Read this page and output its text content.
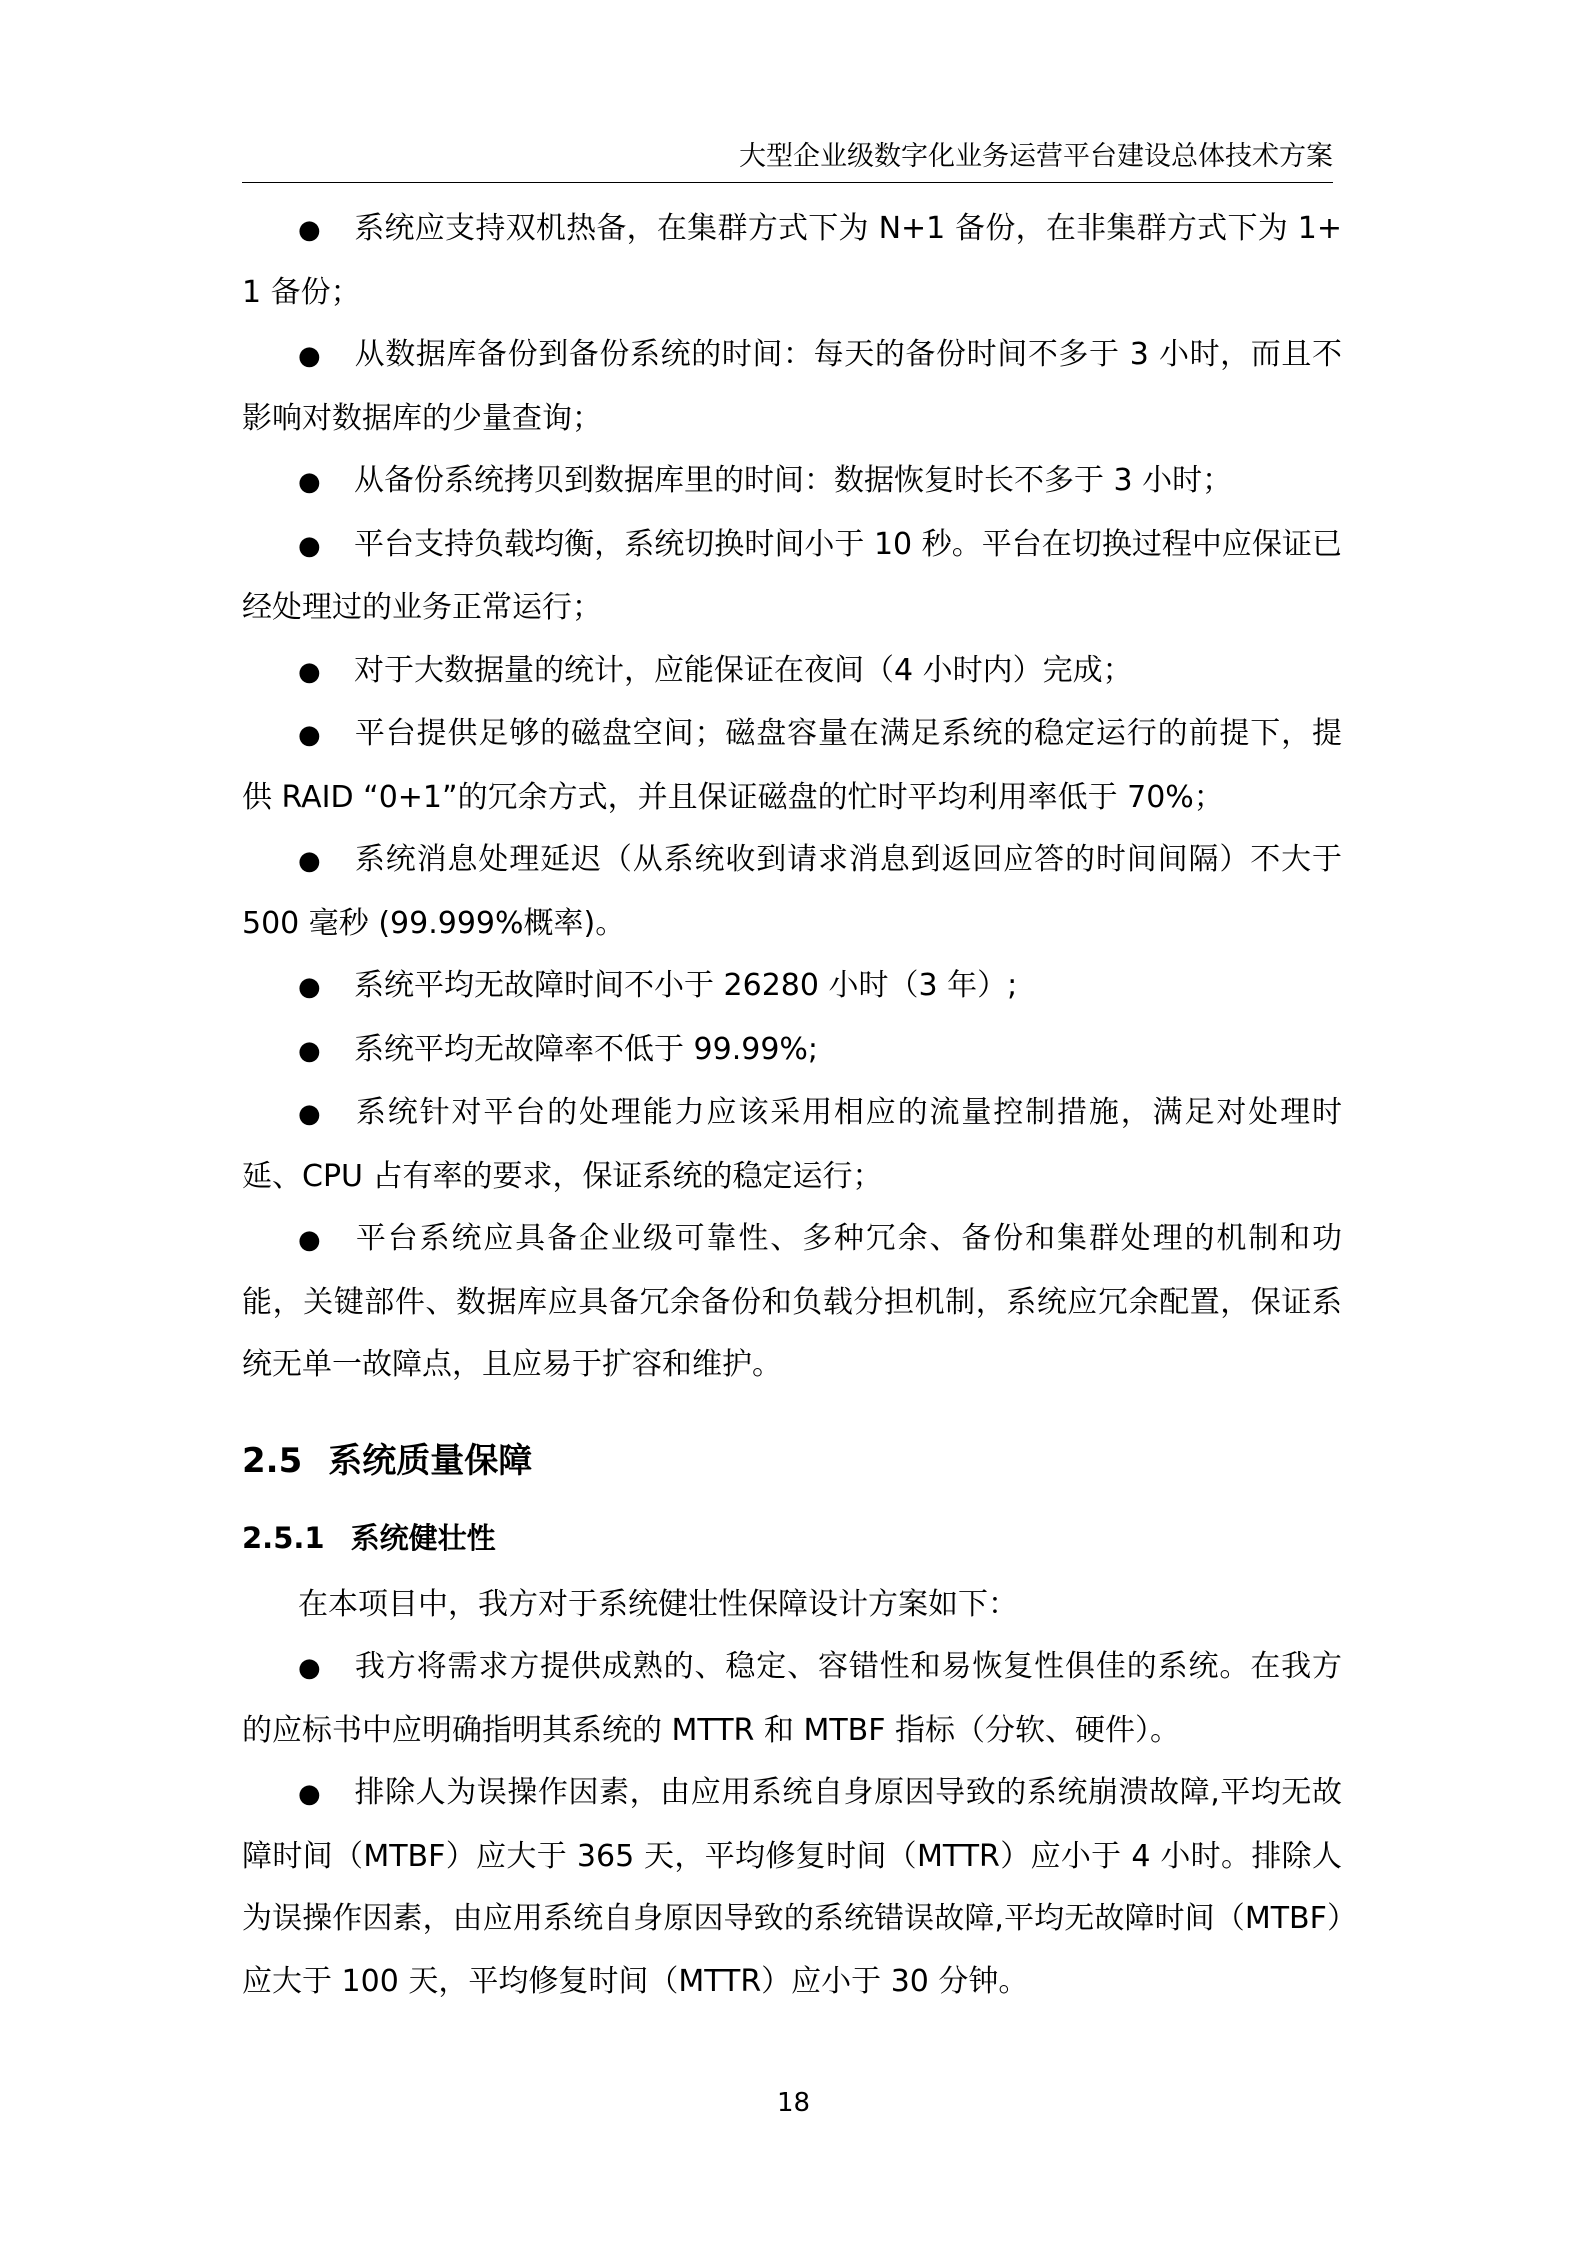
大型企业级数字化业务运营平台建设总体技术方案

● 系统应支持双机热备，在集群方式下为 N+1 备份，在非集群方式下为 1+1 备份；

● 从数据库备份到备份系统的时间：每天的备份时间不多于 3 小时，而且不影响对数据库的少量查询；

● 从备份系统拷贝到数据库里的时间：数据恢复时长不多于 3 小时；

● 平台支持负载均衡，系统切换时间小于 10 秒。平台在切换过程中应保证已经处理过的业务正常运行；

● 对于大数据量的统计，应能保证在夜间（4 小时内）完成；

● 平台提供足够的磁盘空间；磁盘容量在满足系统的稳定运行的前提下，提供 RAID “0+1”的冗余方式，并且保证磁盘的忙时平均利用率低于 70%；

● 系统消息处理延迟（从系统收到请求消息到返回应答的时间间隔）不大于 500 毫秒 (99.999%概率)。

● 系统平均无故障时间不小于 26280 小时（3 年）;

● 系统平均无故障率不低于 99.99%;

● 系统针对平台的处理能力应该采用相应的流量控制措施，满足对处理时延、CPU 占有率的要求，保证系统的稳定运行；

● 平台系统应具备企业级可靠性、多种冗余、备份和集群处理的机制和功能，关键部件、数据库应具备冗余备份和负载分担机制，系统应冗余配置，保证系统无单一故障点，且应易于扩容和维护。

2.5 系统质量保障
2.5.1 系统健壮性

在本项目中，我方对于系统健壮性保障设计方案如下：

● 我方将需求方提供成熟的、稳定、容错性和易恢复性俱佳的系统。在我方的应标书中应明确指明其系统的 MTTR 和 MTBF 指标（分软、硬件）。

● 排除人为误操作因素，由应用系统自身原因导致的系统崩溃故障,平均无故障时间（MTBF）应大于 365 天，平均修复时间（MTTR）应小于 4 小时。排除人为误操作因素，由应用系统自身原因导致的系统错误故障,平均无故障时间（MTBF）应大于 100 天，平均修复时间（MTTR）应小于 30 分钟。

18
